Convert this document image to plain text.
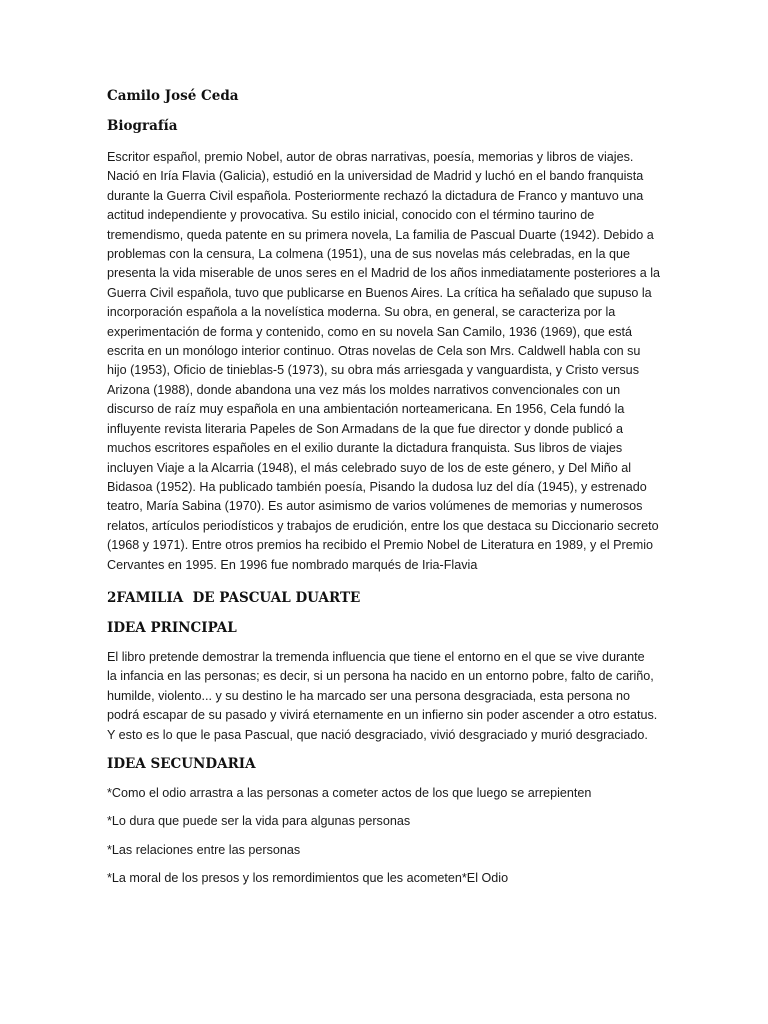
Camilo José Ceda
Biografía
Escritor español, premio Nobel, autor de obras narrativas, poesía, memorias y libros de viajes.
Nació en Iría Flavia (Galicia), estudió en la universidad de Madrid y luchó en el bando franquista
durante la Guerra Civil española. Posteriormente rechazó la dictadura de Franco y mantuvo una
actitud independiente y provocativa. Su estilo inicial, conocido con el término taurino de
tremendismo, queda patente en su primera novela, La familia de Pascual Duarte (1942). Debido a
problemas con la censura, La colmena (1951), una de sus novelas más celebradas, en la que
presenta la vida miserable de unos seres en el Madrid de los años inmediatamente posteriores a la
Guerra Civil española, tuvo que publicarse en Buenos Aires. La crítica ha señalado que supuso la
incorporación española a la novelística moderna. Su obra, en general, se caracteriza por la
experimentación de forma y contenido, como en su novela San Camilo, 1936 (1969), que está
escrita en un monólogo interior continuo. Otras novelas de Cela son Mrs. Caldwell habla con su
hijo (1953), Oficio de tinieblas-5 (1973), su obra más arriesgada y vanguardista, y Cristo versus
Arizona (1988), donde abandona una vez más los moldes narrativos convencionales con un
discurso de raíz muy española en una ambientación norteamericana. En 1956, Cela fundó la
influyente revista literaria Papeles de Son Armadans de la que fue director y donde publicó a
muchos escritores españoles en el exilio durante la dictadura franquista. Sus libros de viajes
incluyen Viaje a la Alcarria (1948), el más celebrado suyo de los de este género, y Del Miño al
Bidasoa (1952). Ha publicado también poesía, Pisando la dudosa luz del día (1945), y estrenado
teatro, María Sabina (1970). Es autor asimismo de varios volúmenes de memorias y numerosos
relatos, artículos periodísticos y trabajos de erudición, entre los que destaca su Diccionario secreto
(1968 y 1971). Entre otros premios ha recibido el Premio Nobel de Literatura en 1989, y el Premio
Cervantes en 1995. En 1996 fue nombrado marqués de Iria-Flavia
2FAMILIA  DE PASCUAL DUARTE
IDEA PRINCIPAL
El libro pretende demostrar la tremenda influencia que tiene el entorno en el que se vive durante
la infancia en las personas; es decir, si un persona ha nacido en un entorno pobre, falto de cariño,
humilde, violento... y su destino le ha marcado ser una persona desgraciada, esta persona no
podrá escapar de su pasado y vivirá eternamente en un infierno sin poder ascender a otro estatus.
Y esto es lo que le pasa Pascual, que nació desgraciado, vivió desgraciado y murió desgraciado.
IDEA SECUNDARIA

*Como el odio arrastra a las personas a cometer actos de los que luego se arrepienten

*Lo dura que puede ser la vida para algunas personas

*Las relaciones entre las personas

*La moral de los presos y los remordimientos que les acometen*El Odio
